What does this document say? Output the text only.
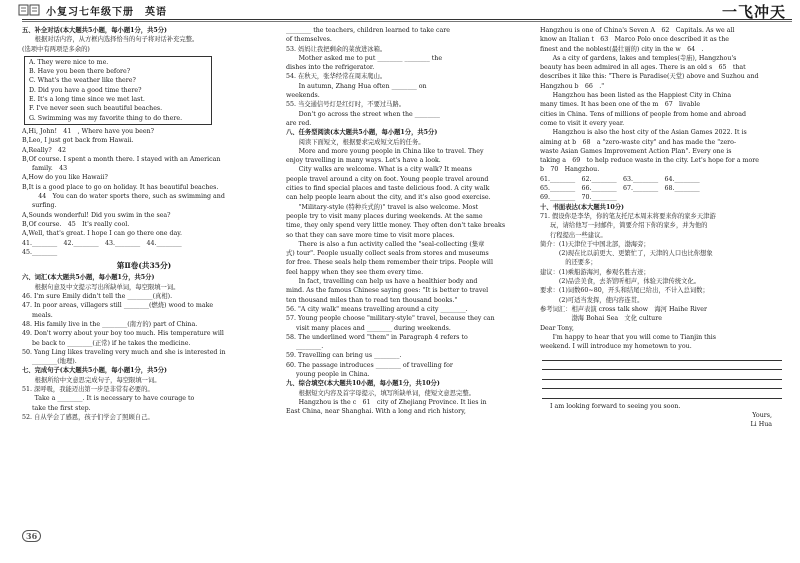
小复习七年级下册　英语	一飞冲天
五、补全对话(本大题共5小题，每小题1分，共5分)
　　根据对话内容，从方框内选择恰当的句子将对话补充完整。
(选项中有两项是多余的)
A. They were nice to me.
B. Have you been there before?
C. What's the weather like there?
D. Did you have a good time there?
E. It's a long time since we met last.
F. I've never seen such beautiful beaches.
G. Swimming was my favorite thing to do there.
A,Hi, John!　41　, Where have you been?
B,Leo, I just got back from Hawaii.
A,Really?　42
B,Of course. I spent a month there. I stayed with an American
family.　43
A,How do you like Hawaii?
B,It is a good place to go on holiday. It has beautiful beaches.
　44　You can do water sports there, such as swimming and
surfing.
A,Sounds wonderful! Did you swim in the sea?
B,Of course.　45　It's really cool.
A,Well, that's great. I hope I can go there one day.
41.________　42.________　43.________　44.________
45.________
第Ⅱ卷(共35分)
六、词汇(本大题共5小题，每小题1分，共5分)
　　根据句意及中文提示写出所缺单词，每空限填一词。
46. I'm sure Emily didn't tell the ________(真相).
47. In poor areas, villagers still ________(燃烧) wood to make
meals.
48. His family live in the ________(南方的) part of China.
49. Don't worry about your boy too much. His temperature will
be back to ________(正常) if he takes the medicine.
50. Yang Ling likes traveling very much and she is interested in
________(地理).
七、完成句子(本大题共5小题，每小题1分，共5分)
　　根据所给中文意思完成句子，每空限填一词。
51. 深呼吸，我能迈出第一步是非常有必要的。
　　Take a ________. It is necessary to have courage to
take the first step.
52. 自从学会了感恩，孩子们学会了照顾自己。
________ the teachers, children learned to take care
of themselves.
53. 妈妈让我把剩余的菜放进冰箱。
　　Mother asked me to put ________ ________ the
dishes into the refrigerator.
54. 在秋天，张华经常在周末爬山。
　　In autumn, Zhang Hua often ________ on
weekends.
55. 当交通信号灯是红灯时，不要过马路。
　　Don't go across the street when the ________
are red.
八、任务型阅读(本大题共5小题，每小题1分，共5分)
　　阅读下面短文，根据要求完成短文后的任务。
　　More and more young people in China like to travel. They
enjoy travelling in many ways. Let's have a look.
　　City walks are welcome. What is a city walk? It means
people travel around a city on foot. Young people travel around
cities to find special places and taste delicious food. A city walk
can help people learn about the city, and it's also good exercise.
　　"Military-style (特种兵式的)" travel is also welcome. Most
people try to visit many places during weekends. At the same
time, they only spend very little money. They often don't take breaks
so that they can save more time to visit more places.
　　There is also a fun activity called the "seal-collecting (集章
式) tour". People usually collect seals from stores and museums
for free. These seals help them remember their trips. People will
feel happy when they see them every time.
　　In fact, travelling can help us have a healthier body and
mind. As the famous Chinese saying goes: "It is better to travel
ten thousand miles than to read ten thousand books."
56. "A city walk" means travelling around a city ________.
57. Young people choose "military-style" travel, because they can
visit many places and ________ during weekends.
58. The underlined word "them" in Paragraph 4 refers to
________.
59. Travelling can bring us ________.
60. The passage introduces ________ of travelling for
young people in China.
九、综合填空(本大题共10小题，每小题1分，共10分)
　　根据短文内容及首字母提示，填写所缺单词，使短文意思完整。
　　Hangzhou is the c　61　city of Zhejiang Province. It lies in
East China, near Shanghai. With a long and rich history,
Hangzhou is one of China's Seven A　62　Capitals. As we all
know an Italian t　63　Marco Polo once described it as the
finest and the noblest(最壮丽的) city in the w　64　.
　　As a city of gardens, lakes and temples(寺庙), Hangzhou's
beauty has been admired in all ages. There is an old s　65　that
describes it like this: "There is Paradise(天堂) above and Suzhou and
Hangzhou b　66　."
　　Hangzhou has been listed as the Happiest City in China
many times. It has been one of the m　67　livable
cities in China. Tens of millions of people from home and abroad
come to visit it every year.
　　Hangzhou is also the host city of the Asian Games 2022. It is
aiming at b　68　a "zero-waste city" and has made the "zero-
waste Asian Games Improvement Action Plan". Every one is
taking a　69　to help reduce waste in the city. Let's hope for a more
b　70　Hangzhou.
61.________　62.________　63.________　64.________
65.________　66.________　67.________　68.________
69.________　70.________
十、书面表达(本大题共10分)
71. 假设你是李华，你的笔友托尼本周末将要来你的家乡天津游
玩，请给他写一封邮件，简要介绍下你的家乡，并为他的
行程提出一些建议。
简介：(1)天津位于中国北部，渤海旁；
　　　(2)现在比以前更大、更繁忙了，天津的人口也比你想象
　　　　的还要多；
建议：(1)乘船游海河，参观名胜古迹；
　　　(2)品尝美食，去茶馆听相声，体验天津传统文化。
要求：(1)词数60~80，开头和结尾已给出，不计入总词数；
　　　(2)可适当发挥，使内容连贯。
参考词汇：相声表演 cross talk show　海河 Haihe River
　　　　　渤海 Bohai Sea　文化 culture
Dear Tony,
　　I'm happy to hear that you will come to Tianjin this
weekend. I will introduce my hometown to you.
I am looking forward to seeing you soon.
Yours,
Li Hua
36
